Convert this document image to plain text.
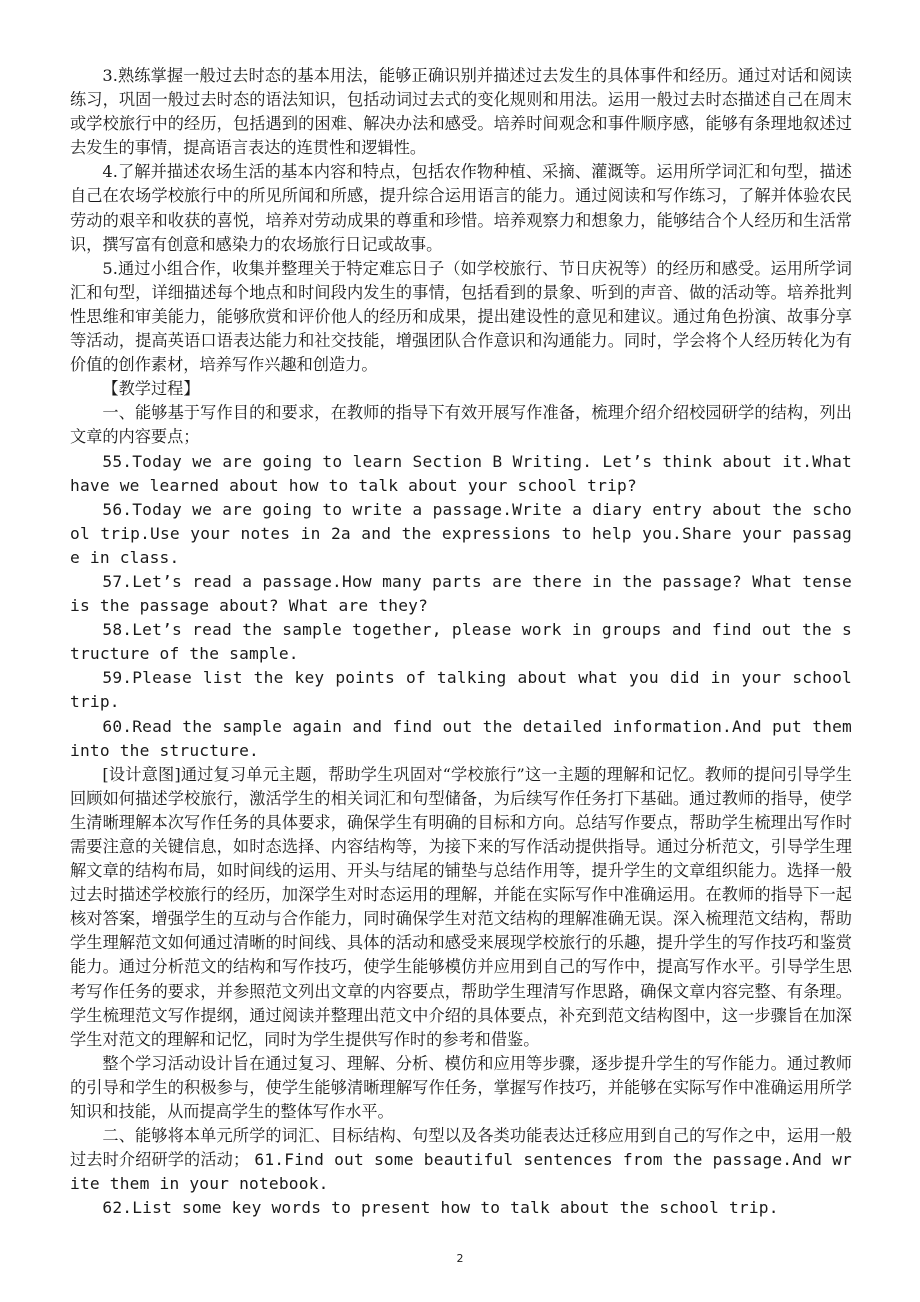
3.熟练掌握一般过去时态的基本用法，能够正确识别并描述过去发生的具体事件和经历。通过对话和阅读练习，巩固一般过去时态的语法知识，包括动词过去式的变化规则和用法。运用一般过去时态描述自己在周末或学校旅行中的经历，包括遇到的困难、解决办法和感受。培养时间观念和事件顺序感，能够有条理地叙述过去发生的事情，提高语言表达的连贯性和逻辑性。

4.了解并描述农场生活的基本内容和特点，包括农作物种植、采摘、灌溉等。运用所学词汇和句型，描述自己在农场学校旅行中的所见所闻和所感，提升综合运用语言的能力。通过阅读和写作练习，了解并体验农民劳动的艰辛和收获的喜悦，培养对劳动成果的尊重和珍惜。培养观察力和想象力，能够结合个人经历和生活常识，撰写富有创意和感染力的农场旅行日记或故事。

5.通过小组合作，收集并整理关于特定难忘日子（如学校旅行、节日庆祝等）的经历和感受。运用所学词汇和句型，详细描述每个地点和时间段内发生的事情，包括看到的景象、听到的声音、做的活动等。培养批判性思维和审美能力，能够欣赏和评价他人的经历和成果，提出建设性的意见和建议。通过角色扮演、故事分享等活动，提高英语口语表达能力和社交技能，增强团队合作意识和沟通能力。同时，学会将个人经历转化为有价值的创作素材，培养写作兴趣和创造力。

【教学过程】

一、能够基于写作目的和要求，在教师的指导下有效开展写作准备，梳理介绍介绍校园研学的结构，列出文章的内容要点；

55.Today we are going to learn Section B Writing. Let’s think about it.What have we learned about how to talk about your school trip?

56.Today we are going to write a passage.Write a diary entry about the school trip.Use your notes in 2a and the expressions to help you.Share your passage in class.

57.Let’s read a passage.How many parts are there in the passage? What tense is the passage about? What are they?

58.Let’s read the sample together, please work in groups and find out the structure of the sample.

59.Please list the key points of talking about what you did in your school trip.

60.Read the sample again and find out the detailed information.And put them into the structure.

[设计意图]通过复习单元主题，帮助学生巩固对“学校旅行”这一主题的理解和记忆。教师的提问引导学生回顾如何描述学校旅行，激活学生的相关词汇和句型储备，为后续写作任务打下基础。通过教师的指导，使学生清晰理解本次写作任务的具体要求，确保学生有明确的目标和方向。总结写作要点，帮助学生梳理出写作时需要注意的关键信息，如时态选择、内容结构等，为接下来的写作活动提供指导。通过分析范文，引导学生理解文章的结构布局，如时间线的运用、开头与结尾的铺垫与总结作用等，提升学生的文章组织能力。选择一般过去时描述学校旅行的经历，加深学生对时态运用的理解，并能在实际写作中准确运用。在教师的指导下一起核对答案，增强学生的互动与合作能力，同时确保学生对范文结构的理解准确无误。深入梳理范文结构，帮助学生理解范文如何通过清晰的时间线、具体的活动和感受来展现学校旅行的乐趣，提升学生的写作技巧和鉴赏能力。通过分析范文的结构和写作技巧，使学生能够模仿并应用到自己的写作中，提高写作水平。引导学生思考写作任务的要求，并参照范文列出文章的内容要点，帮助学生理清写作思路，确保文章内容完整、有条理。学生梳理范文写作提纲，通过阅读并整理出范文中介绍的具体要点，补充到范文结构图中，这一步骤旨在加深学生对范文的理解和记忆，同时为学生提供写作时的参考和借鉴。

整个学习活动设计旨在通过复习、理解、分析、模仿和应用等步骤，逐步提升学生的写作能力。通过教师的引导和学生的积极参与，使学生能够清晰理解写作任务，掌握写作技巧，并能够在实际写作中准确运用所学知识和技能，从而提高学生的整体写作水平。

二、能够将本单元所学的词汇、目标结构、句型以及各类功能表达迁移应用到自己的写作之中，运用一般过去时介绍研学的活动； 61.Find out some beautiful sentences from the passage.And write them in your notebook.

62.List some key words to present how to talk about the school trip.

2
